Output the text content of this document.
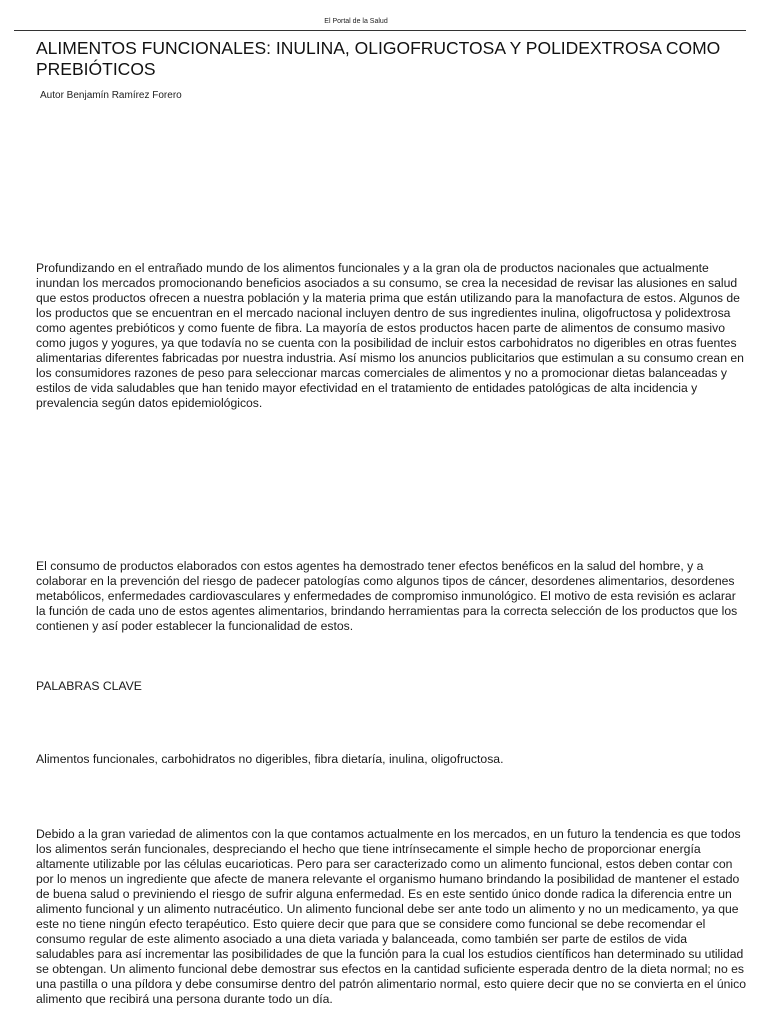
El Portal de la Salud
ALIMENTOS FUNCIONALES: INULINA, OLIGOFRUCTOSA Y POLIDEXTROSA COMO PREBIÓTICOS
Autor Benjamín Ramírez Forero

Profundizando en el entrañado mundo de los alimentos funcionales y a la gran ola de productos nacionales que actualmente inundan los mercados promocionando beneficios asociados a su consumo, se crea la necesidad de revisar las alusiones en salud que estos productos ofrecen a nuestra población y la materia prima que están utilizando para la manofactura de estos. Algunos de los productos que se encuentran en el mercado nacional incluyen dentro de sus ingredientes inulina, oligofructosa y polidextrosa como agentes prebióticos y como fuente de fibra. La mayoría de estos productos hacen parte de alimentos de consumo masivo como jugos y yogures, ya que todavía no se cuenta con la posibilidad de incluir estos carbohidratos no digeribles en otras fuentes alimentarias diferentes fabricadas por nuestra industria. Así mismo los anuncios publicitarios que estimulan a su consumo crean en los consumidores razones de peso para seleccionar marcas comerciales de alimentos y no a promocionar dietas balanceadas y estilos de vida saludables que han tenido mayor efectividad en el tratamiento de entidades patológicas de alta incidencia y prevalencia según datos epidemiológicos.

El consumo de productos elaborados con estos agentes ha demostrado tener efectos benéficos en la salud del hombre, y a colaborar en la prevención del riesgo de padecer patologías como algunos tipos de cáncer, desordenes alimentarios, desordenes metabólicos, enfermedades cardiovasculares y enfermedades de compromiso inmunológico. El motivo de esta revisión es aclarar la función de cada uno de estos agentes alimentarios, brindando herramientas para la correcta selección de los productos que los contienen y así poder establecer la funcionalidad de estos.

PALABRAS CLAVE

Alimentos funcionales, carbohidratos no digeribles, fibra dietaría, inulina, oligofructosa.

Debido a la gran variedad de alimentos con la que contamos actualmente en los mercados, en un futuro la tendencia es que todos los alimentos serán funcionales, despreciando el hecho que tiene intrínsecamente el simple hecho de proporcionar energía altamente utilizable por las células eucarioticas. Pero para ser caracterizado como un alimento funcional, estos deben contar con por lo menos un ingrediente que afecte de manera relevante el organismo humano brindando la posibilidad de mantener el estado de buena salud o previniendo el riesgo de sufrir alguna enfermedad. Es en este sentido único donde radica la diferencia entre un alimento funcional y un alimento nutracéutico. Un alimento funcional debe ser ante todo un alimento y no un medicamento, ya que este no tiene ningún efecto terapéutico. Esto quiere decir que para que se considere como funcional se debe recomendar el consumo regular de este alimento asociado a una dieta variada y balanceada, como también ser parte de estilos de vida saludables para así incrementar las posibilidades de que la función para la cual los estudios científicos han determinado su utilidad se obtengan. Un alimento funcional debe demostrar sus efectos en la cantidad suficiente esperada dentro de la dieta normal; no es una pastilla o una píldora y debe consumirse dentro del patrón alimentario normal, esto quiere decir que no se convierta en el único alimento que recibirá una persona durante todo un día.
